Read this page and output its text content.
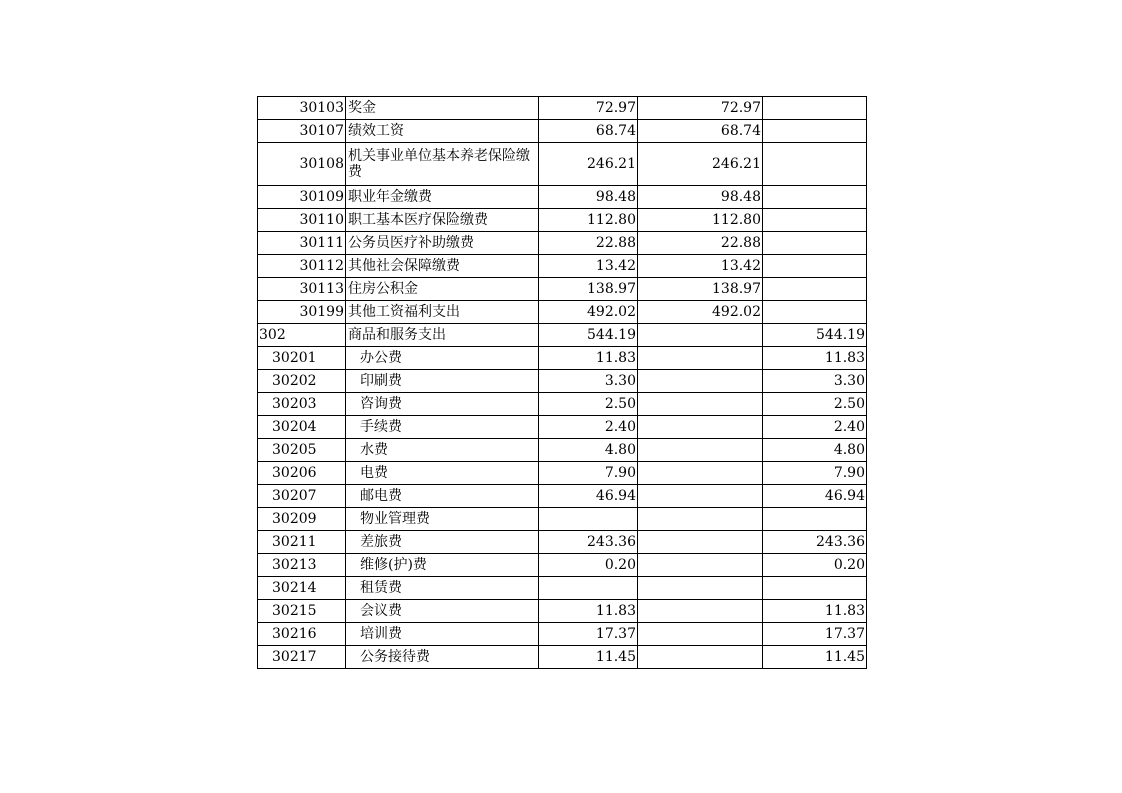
30103	奖金	72.97	72.97	
30107	绩效工资	68.74	68.74	
30108	机关事业单位基本养老保险缴费	246.21	246.21	
30109	职业年金缴费	98.48	98.48	
30110	职工基本医疗保险缴费	112.80	112.80	
30111	公务员医疗补助缴费	22.88	22.88	
30112	其他社会保障缴费	13.42	13.42	
30113	住房公积金	138.97	138.97	
30199	其他工资福利支出	492.02	492.02	
302	商品和服务支出	544.19		544.19
30201	办公费	11.83		11.83
30202	印刷费	3.30		3.30
30203	咨询费	2.50		2.50
30204	手续费	2.40		2.40
30205	水费	4.80		4.80
30206	电费	7.90		7.90
30207	邮电费	46.94		46.94
30209	物业管理费			
30211	差旅费	243.36		243.36
30213	维修(护)费	0.20		0.20
30214	租赁费			
30215	会议费	11.83		11.83
30216	培训费	17.37		17.37
30217	公务接待费	11.45		11.45
